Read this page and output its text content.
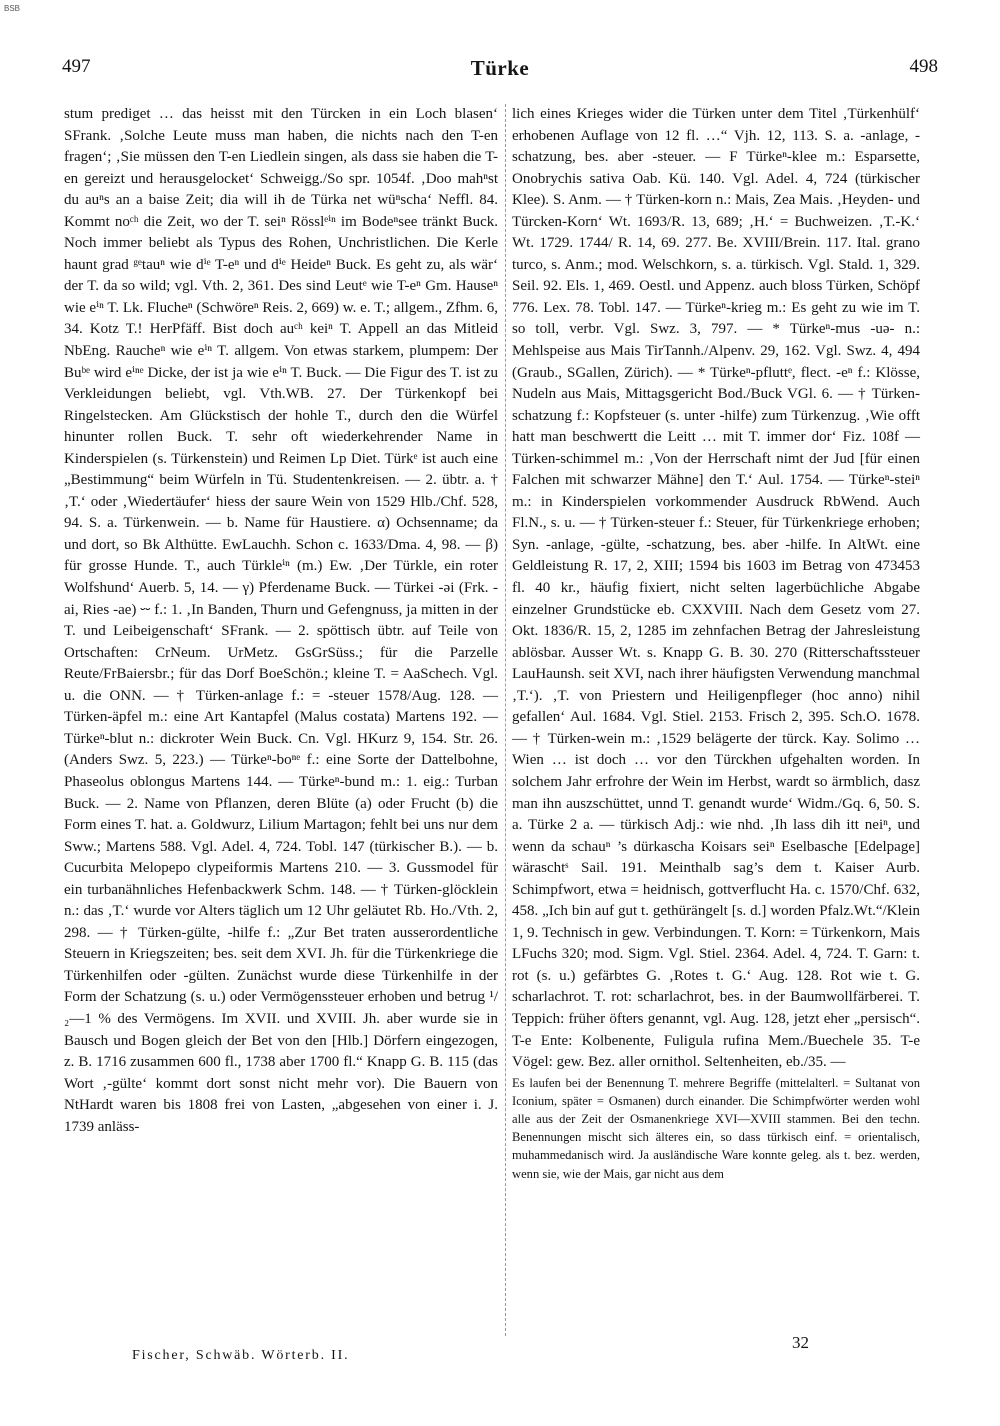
BSB
497	Türke	498

stum prediget … das heisst mit den Türcken in ein Loch blasen‘ SFrank. ‚Solche Leute muss man haben, die nichts nach den T-en fragen‘; ‚Sie müssen den T-en Liedlein singen, als dass sie haben die T-en gereizt und herausgelocket‘ Schweigg./So spr. 1054f. ‚Doo mahⁿst du auⁿs an a baise Zeit; dia will ih de Türka net wüⁿscha‘ Neffl. 84. Kommt noᶜʰ die Zeit, wo der T. seiⁿ Rösslᵉⁱⁿ im Bodeⁿsee tränkt Buck. Noch immer beliebt als Typus des Rohen, Unchristlichen. Die Kerle haunt grad ᵍᵉtauⁿ wie dⁱᵉ T-eⁿ und dⁱᵉ Heideⁿ Buck. Es geht zu, als wär‘ der T. da so wild; vgl. Vth. 2, 361. Des sind Leutᵉ wie T-eⁿ Gm. Hauseⁿ wie eⁱⁿ T. Lk. Flucheⁿ (Schwöreⁿ Reis. 2, 669) w. e. T.; allgem., Zfhm. 6, 34. Kotz T.! HerPfäff. Bist doch auᶜʰ keiⁿ T. Appell an das Mitleid NbEng. Raucheⁿ wie eⁱⁿ T. allgem. Von etwas starkem, plumpem: Der Buᵇᵉ wird eⁱⁿᵉ Dicke, der ist ja wie eⁱⁿ T. Buck. — Die Figur des T. ist zu Verkleidungen beliebt, vgl. Vth.WB. 27. Der Türkenkopf bei Ringelstecken. Am Glückstisch der hohle T., durch den die Würfel hinunter rollen Buck. T. sehr oft wiederkehrender Name in Kinderspielen (s. Türkenstein) und Reimen Lp Diet. Türkᵉ ist auch eine „Bestimmung“ beim Würfeln in Tü. Studentenkreisen. — 2. übtr. a. † ‚T.‘ oder ‚Wiedertäufer‘ hiess der saure Wein von 1529 Hlb./Chf. 528, 94. S. a. Türkenwein. — b. Name für Haustiere. α) Ochsenname; da und dort, so Bk Althütte. EwLauchh. Schon c. 1633/Dma. 4, 98. — β) für grosse Hunde. T., auch Türkleⁱⁿ (m.) Ew. ‚Der Türkle, ein roter Wolfshund‘ Auerb. 5, 14. — γ) Pferdename Buck. — Türkei -əi (Frk. -ai, Ries -ae) ⏑⏑ f.: 1. ‚In Banden, Thurn und Gefengnuss, ja mitten in der T. und Leibeigenschaft‘ SFrank. — 2. spöttisch übtr. auf Teile von Ortschaften: CrNeum. UrMetz. GsGrSüss.; für die Parzelle Reute/FrBaiersbr.; für das Dorf BoeSchön.; kleine T. = AaSchech. Vgl. u. die ONN. — † Türken-anlage f.: = -steuer 1578/Aug. 128. — Türken-äpfel m.: eine Art Kantapfel (Malus costata) Martens 192. — Türkeⁿ-blut n.: dickroter Wein Buck. Cn. Vgl. HKurz 9, 154. Str. 26. (Anders Swz. 5, 223.) — Türkeⁿ-boⁿᵉ f.: eine Sorte der Dattelbohne, Phaseolus oblongus Martens 144. — Türkeⁿ-bund m.: 1. eig.: Turban Buck. — 2. Name von Pflanzen, deren Blüte (a) oder Frucht (b) die Form eines T. hat. a. Goldwurz, Lilium Martagon; fehlt bei uns nur dem Sww.; Martens 588. Vgl. Adel. 4, 724. Tobl. 147 (türkischer B.). — b. Cucurbita Melopepo clypeiformis Martens 210. — 3. Gussmodel für ein turbanähnliches Hefenbackwerk Schm. 148. — † Türken-glöcklein n.: das ‚T.‘ wurde vor Alters täglich um 12 Uhr geläutet Rb. Ho./Vth. 2, 298. — † Türken-gülte, -hilfe f.: „Zur Bet traten ausserordentliche Steuern in Kriegszeiten; bes. seit dem XVI. Jh. für die Türkenkriege die Türkenhilfen oder -gülten. Zunächst wurde diese Türkenhilfe in der Form der Schatzung (s. u.) oder Vermögenssteuer erhoben und betrug ¹/₂—1 % des Vermögens. Im XVII. und XVIII. Jh. aber wurde sie in Bausch und Bogen gleich der Bet von den [Hlb.] Dörfern eingezogen, z. B. 1716 zusammen 600 fl., 1738 aber 1700 fl.“ Knapp G. B. 115 (das Wort ‚-gülte‘ kommt dort sonst nicht mehr vor). Die Bauern von NtHardt waren bis 1808 frei von Lasten, „abgesehen von einer i. J. 1739 anläss-

lich eines Krieges wider die Türken unter dem Titel ‚Türkenhülf‘ erhobenen Auflage von 12 fl. …“ Vjh. 12, 113. S. a. -anlage, -schatzung, bes. aber -steuer. — F Türkeⁿ-klee m.: Esparsette, Onobrychis sativa Oab. Kü. 140. Vgl. Adel. 4, 724 (türkischer Klee). S. Anm. — † Türken-korn n.: Mais, Zea Mais. ‚Heyden- und Türcken-Korn‘ Wt. 1693/R. 13, 689; ‚H.‘ = Buchweizen. ‚T.-K.‘ Wt. 1729. 1744/ R. 14, 69. 277. Be. XVIII/Brein. 117. Ital. grano turco, s. Anm.; mod. Welschkorn, s. a. türkisch. Vgl. Stald. 1, 329. Seil. 92. Els. 1, 469. Oestl. und Appenz. auch bloss Türken, Schöpf 776. Lex. 78. Tobl. 147. — Türkeⁿ-krieg m.: Es geht zu wie im T. so toll, verbr. Vgl. Swz. 3, 797. — * Türkeⁿ-mus -uə- n.: Mehlspeise aus Mais TirTannh./Alpenv. 29, 162. Vgl. Swz. 4, 494 (Graub., SGallen, Zürich). — * Türkeⁿ-pfluttᵉ, flect. -eⁿ f.: Klösse, Nudeln aus Mais, Mittagsgericht Bod./Buck VGl. 6. — † Türken-schatzung f.: Kopfsteuer (s. unter -hilfe) zum Türkenzug. ‚Wie offt hatt man beschwertt die Leitt … mit T. immer dor‘ Fiz. 108f — Türken-schimmel m.: ‚Von der Herrschaft nimt der Jud [für einen Falchen mit schwarzer Mähne] den T.‘ Aul. 1754. — Türkeⁿ-steiⁿ m.: in Kinderspielen vorkommender Ausdruck RbWend. Auch Fl.N., s. u. — † Türken-steuer f.: Steuer, für Türkenkriege erhoben; Syn. -anlage, -gülte, -schatzung, bes. aber -hilfe. In AltWt. eine Geldleistung R. 17, 2, XIII; 1594 bis 1603 im Betrag von 473453 fl. 40 kr., häufig fixiert, nicht selten lagerbüchliche Abgabe einzelner Grundstücke eb. CXXVIII. Nach dem Gesetz vom 27. Okt. 1836/R. 15, 2, 1285 im zehnfachen Betrag der Jahresleistung ablösbar. Ausser Wt. s. Knapp G. B. 30. 270 (Ritterschaftssteuer LauHaunsh. seit XVI, nach ihrer häufigsten Verwendung manchmal ‚T.‘). ‚T. von Priestern und Heiligenpfleger (hoc anno) nihil gefallen‘ Aul. 1684. Vgl. Stiel. 2153. Frisch 2, 395. Sch.O. 1678. — † Türken-wein m.: ‚1529 belägerte der türck. Kay. Solimo … Wien … ist doch … vor den Türckhen ufgehalten worden. In solchem Jahr erfrohre der Wein im Herbst, wardt so ärmblich, dasz man ihn auszschüttet, unnd T. genandt wurde‘ Widm./Gq. 6, 50. S. a. Türke 2 a. — türkisch Adj.: wie nhd. ‚Ih lass dih itt neiⁿ, und wenn da schauⁿ ’s dürkascha Koisars seiⁿ Eselbasche [Edelpage] wäraschtˢ Sail. 191. Meinthalb sag’s dem t. Kaiser Aurb. Schimpfwort, etwa = heidnisch, gottverflucht Ha. c. 1570/Chf. 632, 458. „Ich bin auf gut t. gethürängelt [s. d.] worden Pfalz.Wt.“/Klein 1, 9. Technisch in gew. Verbindungen. T. Korn: = Türkenkorn, Mais LFuchs 320; mod. Sigm. Vgl. Stiel. 2364. Adel. 4, 724. T. Garn: t. rot (s. u.) gefärbtes G. ‚Rotes t. G.‘ Aug. 128. Rot wie t. G. scharlachrot. T. rot: scharlachrot, bes. in der Baumwollfärberei. T. Teppich: früher öfters genannt, vgl. Aug. 128, jetzt eher „persisch“. T-e Ente: Kolbenente, Fuligula rufina Mem./Buechele 35. T-e Vögel: gew. Bez. aller ornithol. Seltenheiten, eb./35. —

Es laufen bei der Benennung T. mehrere Begriffe (mittelalterl. = Sultanat von Iconium, später = Osmanen) durch einander. Die Schimpfwörter werden wohl alle aus der Zeit der Osmanenkriege XVI—XVIII stammen. Bei den techn. Benennungen mischt sich älteres ein, so dass türkisch einf. = orientalisch, muhammedanisch wird. Ja ausländische Ware konnte geleg. als t. bez. werden, wenn sie, wie der Mais, gar nicht aus dem

Fischer, Schwäb. Wörterb. II.
32
